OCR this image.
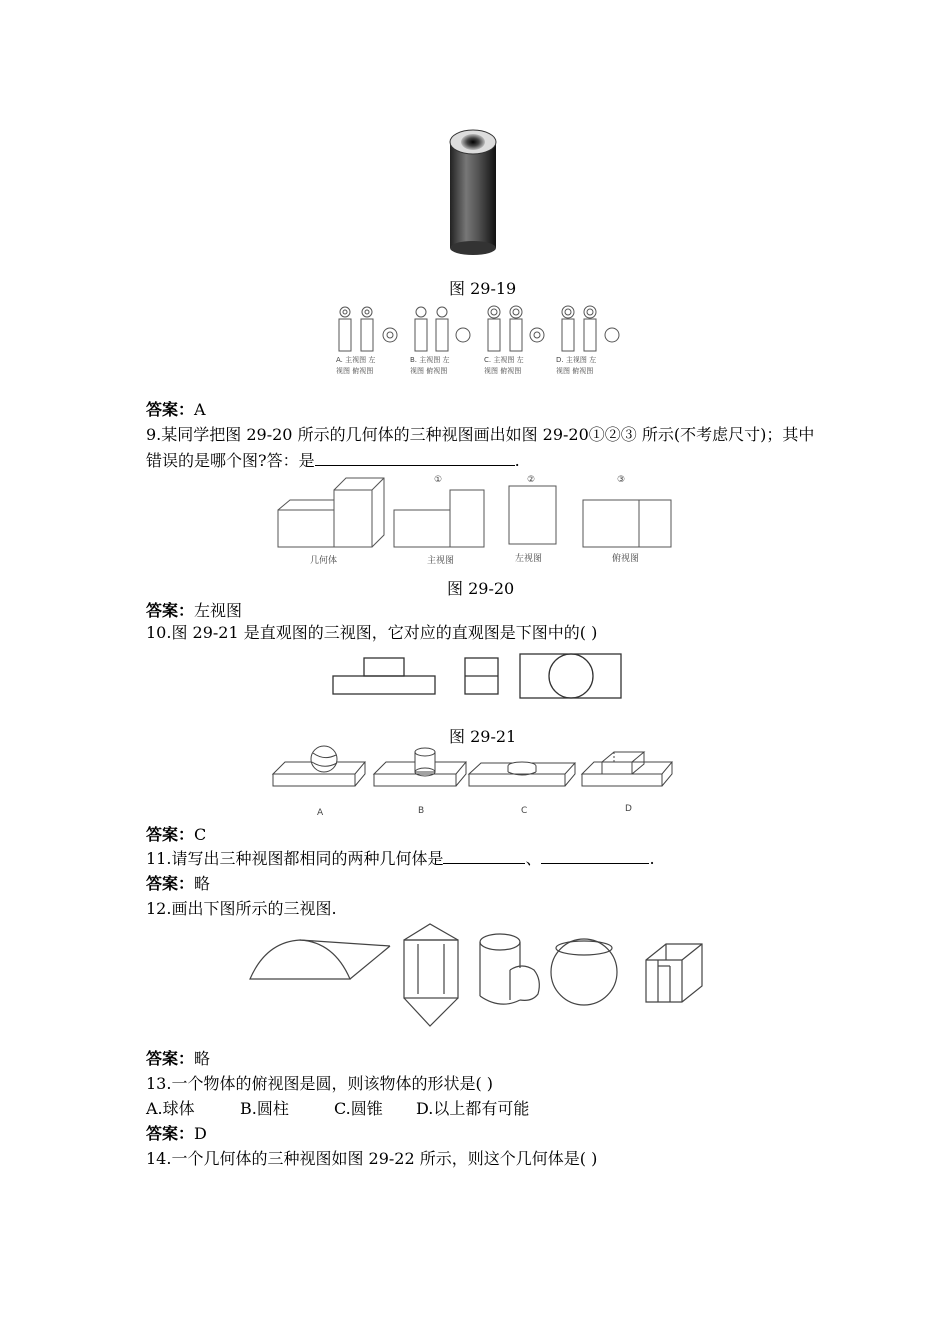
图 29-19
A. 主视图 左
视图 俯视图
B. 主视图 左
视图 俯视图
C. 主视图 左
视图 俯视图
D. 主视图 左
视图 俯视图
答案：A
9.某同学把图 29-20 所示的几何体的三种视图画出如图 29-20①②③ 所示(不考虑尺寸)；其中
错误的是哪个图?答：是	.
几何体	主视图	左视图	俯视图
①	②	③
图 29-20
答案：左视图
10.图 29-21 是直观图的三视图，它对应的直观图是下图中的( )
图 29-21
A	B	C	D
答案：C
11.请写出三种视图都相同的两种几何体是	、	.
答案：略
12.画出下图所示的三视图.
答案：略
13.一个物体的俯视图是圆，则该物体的形状是( )
A.球体	B.圆柱	C.圆锥 D.以上都有可能
答案：D
14.一个几何体的三种视图如图 29-22 所示，则这个几何体是( )
